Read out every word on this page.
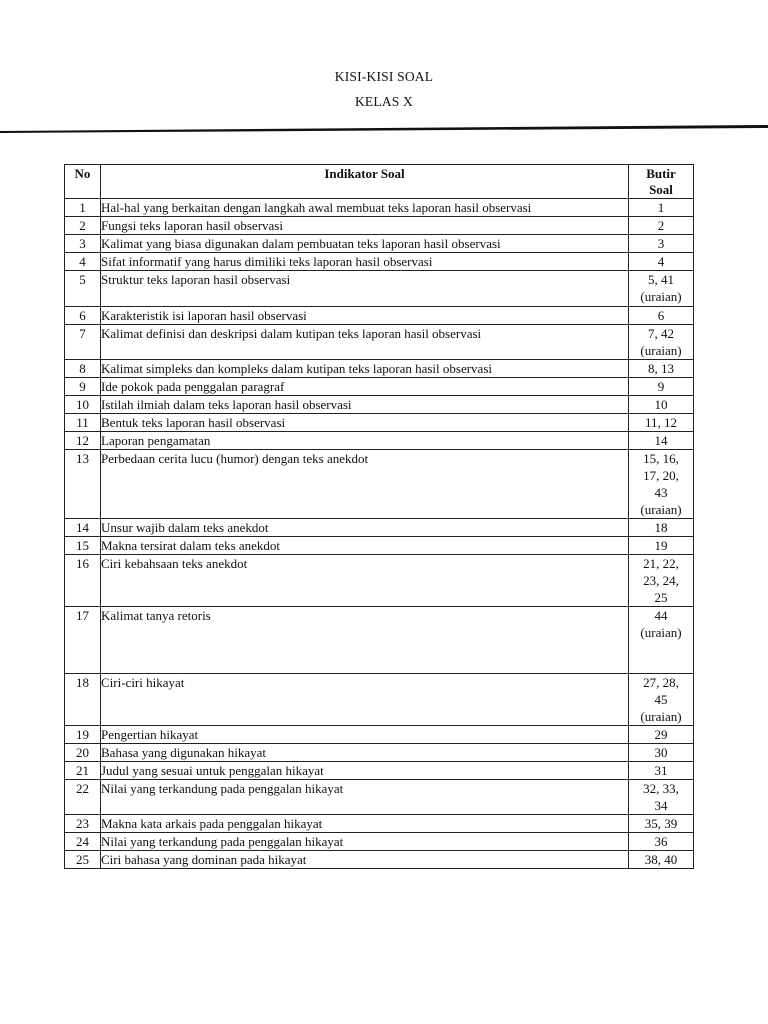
KISI-KISI SOAL
KELAS X
No	Indikator Soal	Butir
Soal
1	Hal-hal yang berkaitan dengan langkah awal membuat teks laporan hasil observasi	1

2	Fungsi teks laporan hasil observasi	2

3	Kalimat yang biasa digunakan dalam pembuatan teks laporan hasil observasi	3

4	Sifat informatif yang harus dimiliki teks laporan hasil observasi	4

5	Struktur teks laporan hasil observasi	5, 41
(uraian)

6	Karakteristik isi laporan hasil observasi	6

7	Kalimat definisi dan deskripsi dalam kutipan teks laporan hasil observasi	7, 42
(uraian)

8	Kalimat simpleks dan kompleks dalam kutipan teks laporan hasil observasi	8, 13

9	Ide pokok pada penggalan paragraf	9

10	Istilah ilmiah dalam teks laporan hasil observasi	10

11	Bentuk teks laporan hasil observasi	11, 12

12	Laporan pengamatan	14

13	Perbedaan cerita lucu (humor) dengan teks anekdot	15, 16,
17, 20,
43
(uraian)

14	Unsur wajib dalam teks anekdot	18

15	Makna tersirat dalam teks anekdot	19

16	Ciri kebahsaan teks anekdot	21, 22,
23, 24,
25

17	Kalimat tanya retoris	44
(uraian)

18	Ciri-ciri hikayat	27, 28,
45
(uraian)

19	Pengertian hikayat	29

20	Bahasa yang digunakan hikayat	30

21	Judul yang sesuai untuk penggalan hikayat	31

22	Nilai yang terkandung pada penggalan hikayat	32, 33,
34

23	Makna kata arkais pada penggalan hikayat	35, 39

24	Nilai yang terkandung pada penggalan hikayat	36

25	Ciri bahasa yang dominan pada hikayat	38, 40
